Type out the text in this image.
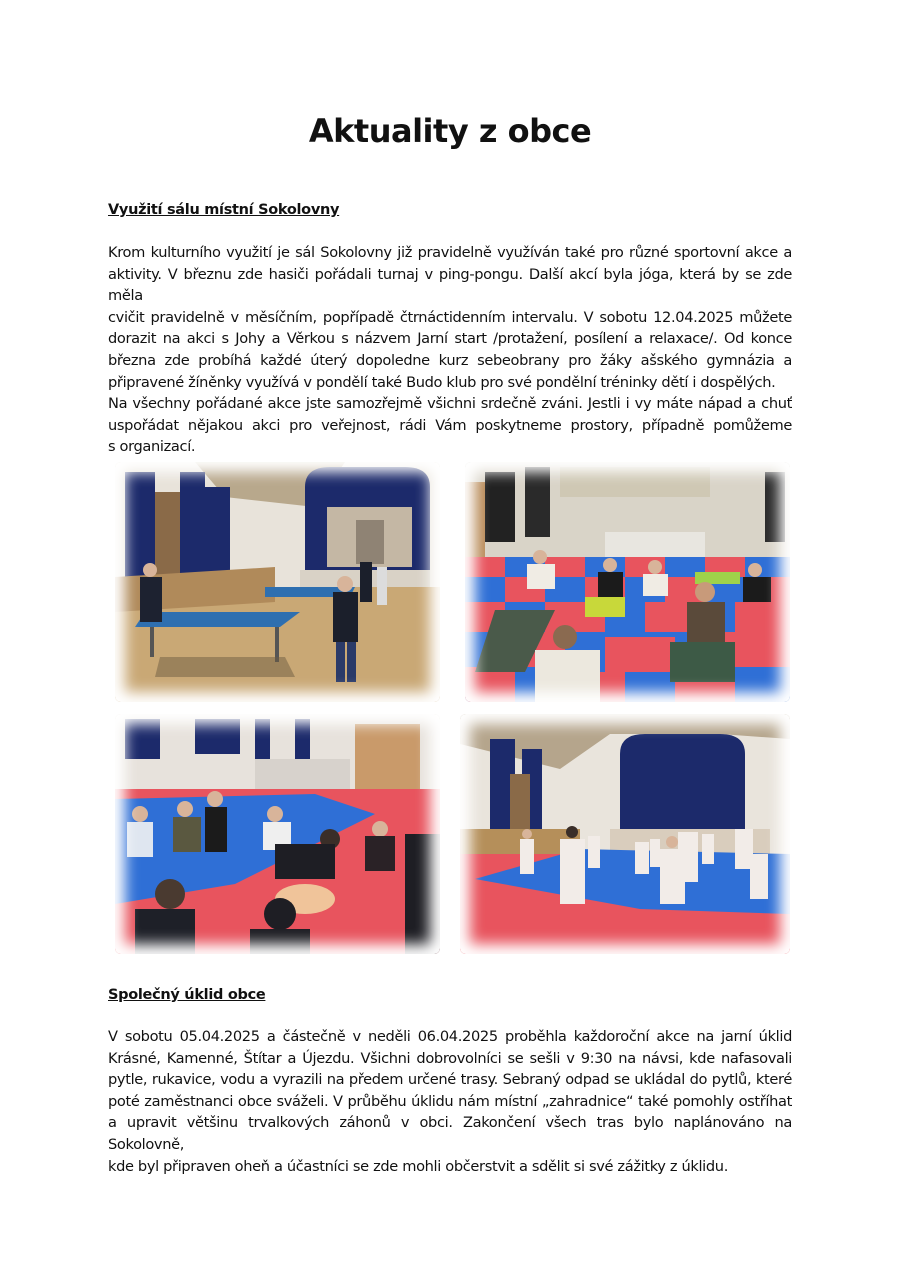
Aktuality z obce
Využití sálu místní Sokolovny
Krom kulturního využití je sál Sokolovny již pravidelně využíván také pro různé sportovní akce a
aktivity. V březnu zde hasiči pořádali turnaj v ping-pongu. Další akcí byla jóga, která by se zde měla
cvičit pravidelně v měsíčním, popřípadě čtrnáctidenním intervalu. V sobotu 12.04.2025 můžete
dorazit na akci s Johy a Věrkou s názvem Jarní start /protažení, posílení a relaxace/. Od konce
března zde probíhá každé úterý dopoledne kurz sebeobrany pro žáky ašského gymnázia a
připravené žíněnky využívá v pondělí také Budo klub pro své pondělní tréninky dětí i dospělých.
Na všechny pořádané akce jste samozřejmě všichni srdečně zváni. Jestli i vy máte nápad a chuť
uspořádat nějakou akci pro veřejnost, rádi Vám poskytneme prostory, případně pomůžeme
s organizací.
Společný úklid obce
V sobotu 05.04.2025 a částečně v neděli 06.04.2025 proběhla každoroční akce na jarní úklid
Krásné, Kamenné, Štítar a Újezdu. Všichni dobrovolníci se sešli v 9:30 na návsi, kde nafasovali
pytle, rukavice, vodu a vyrazili na předem určené trasy. Sebraný odpad se ukládal do pytlů, které
poté zaměstnanci obce sváželi. V průběhu úklidu nám místní „zahradnice“ také pomohly ostříhat
a upravit většinu trvalkových záhonů v obci. Zakončení všech tras bylo naplánováno na Sokolovně,
kde byl připraven oheň a účastníci se zde mohli občerstvit a sdělit si své zážitky z úklidu.
